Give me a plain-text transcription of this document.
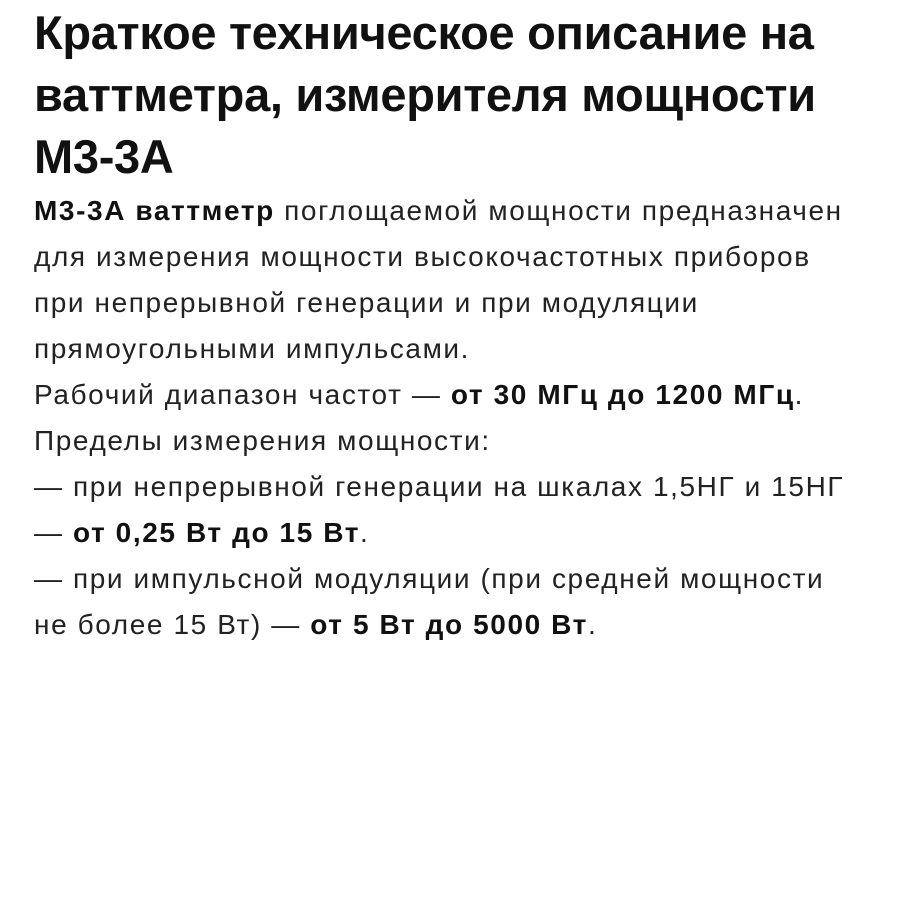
Краткое техническое описание на ваттметра, измерителя мощности М3-3А

М3-3А ваттметр поглощаемой мощности предназначен для измерения мощности высокочастотных приборов при непрерывной генерации и при модуляции прямоугольными импульсами.

Рабочий диапазон частот — от 30 МГц до 1200 МГц.

Пределы измерения мощности:

— при непрерывной генерации на шкалах 1,5НГ и 15НГ — от 0,25 Вт до 15 Вт.

— при импульсной модуляции (при средней мощности не более 15 Вт) — от 5 Вт до 5000 Вт.
